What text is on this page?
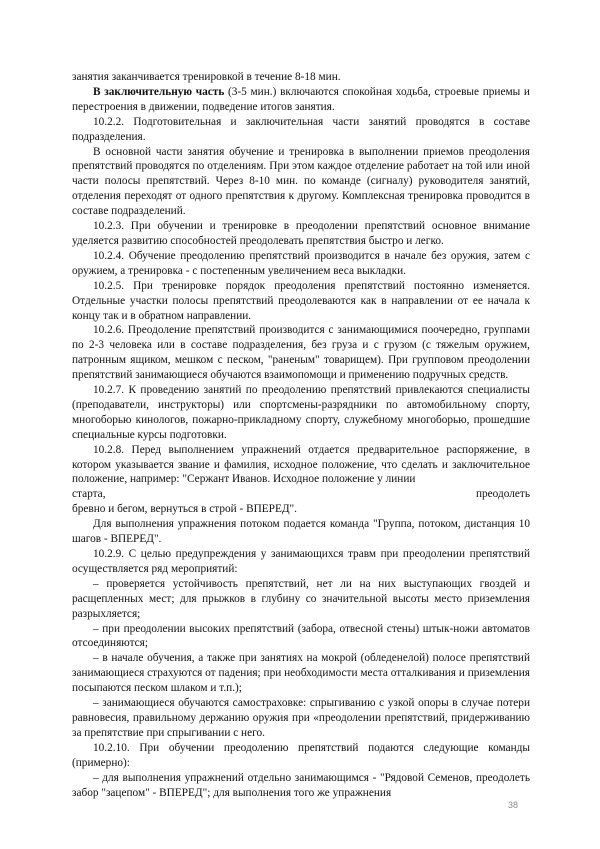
занятия заканчивается тренировкой в течение 8-18 мин.

В заключительную часть (3-5 мин.) включаются спокойная ходьба, строевые приемы и перестроения в движении, подведение итогов занятия.

10.2.2. Подготовительная и заключительная части занятий проводятся в составе подразделения.

В основной части занятия обучение и тренировка в выполнении приемов преодоления препятствий проводятся по отделениям. При этом каждое отделение работает на той или иной части полосы препятствий. Через 8-10 мин. по команде (сигналу) руководителя занятий, отделения переходят от одного препятствия к другому. Комплексная тренировка проводится в составе подразделений.

10.2.3. При обучении и тренировке в преодолении препятствий основное внимание уделяется развитию способностей преодолевать препятствия быстро и легко.

10.2.4. Обучение преодолению препятствий производится в начале без оружия, затем с оружием, а тренировка - с постепенным увеличением веса выкладки.

10.2.5. При тренировке порядок преодоления препятствий постоянно изменяется. Отдельные участки полосы препятствий преодолеваются как в направлении от ее начала к концу так и в обратном направлении.

10.2.6. Преодоление препятствий производится с занимающимися поочередно, группами по 2-3 человека или в составе подразделения, без груза и с грузом (с тяжелым оружием, патронным ящиком, мешком с песком, "раненым" товарищем). При групповом преодолении препятствий занимающиеся обучаются взаимопомощи и применению подручных средств.

10.2.7. К проведению занятий по преодолению препятствий привлекаются специалисты (преподаватели, инструкторы) или спортсмены-разрядники по автомобильному спорту, многоборью кинологов, пожарно-прикладному спорту, служебному многоборью, прошедшие специальные курсы подготовки.

10.2.8. Перед выполнением упражнений отдается предварительное распоряжение, в котором указывается звание и фамилия, исходное положение, что сделать и заключительное положение, например: "Сержант Иванов. Исходное положение у линии

старта,	преодолеть

бревно и бегом, вернуться в строй - ВПЕРЕД".

Для выполнения упражнения потоком подается команда "Группа, потоком, дистанция 10 шагов - ВПЕРЕД".

10.2.9. С целью предупреждения у занимающихся травм при преодолении препятствий осуществляется ряд мероприятий:

– проверяется устойчивость препятствий, нет ли на них выступающих гвоздей и расщепленных мест; для прыжков в глубину со значительной высоты место приземления разрыхляется;

– при преодолении высоких препятствий (забора, отвесной стены) штык-ножи автоматов отсоединяются;

– в начале обучения, а также при занятиях на мокрой (обледенелой) полосе препятствий занимающиеся страхуются от падения; при необходимости места отталкивания и приземления посыпаются песком шлаком и т.п.);

– занимающиеся обучаются самостраховке: спрыгиванию с узкой опоры в случае потери равновесия, правильному держанию оружия при «преодолении препятствий, придерживанию за препятствие при спрыгивании с него.

10.2.10. При обучении преодолению препятствий подаются следующие команды (примерно):

– для выполнения упражнений отдельно занимающимся - "Рядовой Семенов, преодолеть забор "зацепом" - ВПЕРЕД"; для выполнения того же упражнения

38
